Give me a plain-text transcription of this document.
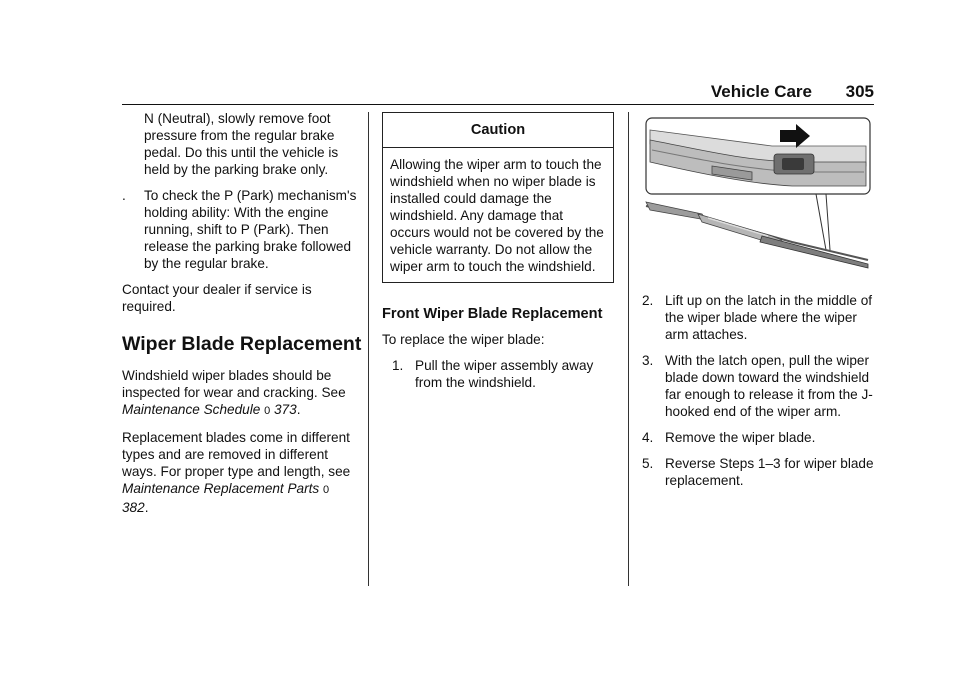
Vehicle Care 305

N (Neutral), slowly remove foot pressure from the regular brake pedal. Do this until the vehicle is held by the parking brake only.

. To check the P (Park) mechanism's holding ability: With the engine running, shift to P (Park). Then release the parking brake followed by the regular brake.

Contact your dealer if service is required.

Wiper Blade Replacement

Windshield wiper blades should be inspected for wear and cracking. See Maintenance Schedule 0 373.

Replacement blades come in different types and are removed in different ways. For proper type and length, see Maintenance Replacement Parts 0 382.

Caution
Allowing the wiper arm to touch the windshield when no wiper blade is installed could damage the windshield. Any damage that occurs would not be covered by the vehicle warranty. Do not allow the wiper arm to touch the windshield.
Front Wiper Blade Replacement

To replace the wiper blade:

1. Pull the wiper assembly away from the windshield.

2. Lift up on the latch in the middle of the wiper blade where the wiper arm attaches.

3. With the latch open, pull the wiper blade down toward the windshield far enough to release it from the J-hooked end of the wiper arm.

4. Remove the wiper blade.

5. Reverse Steps 1–3 for wiper blade replacement.
